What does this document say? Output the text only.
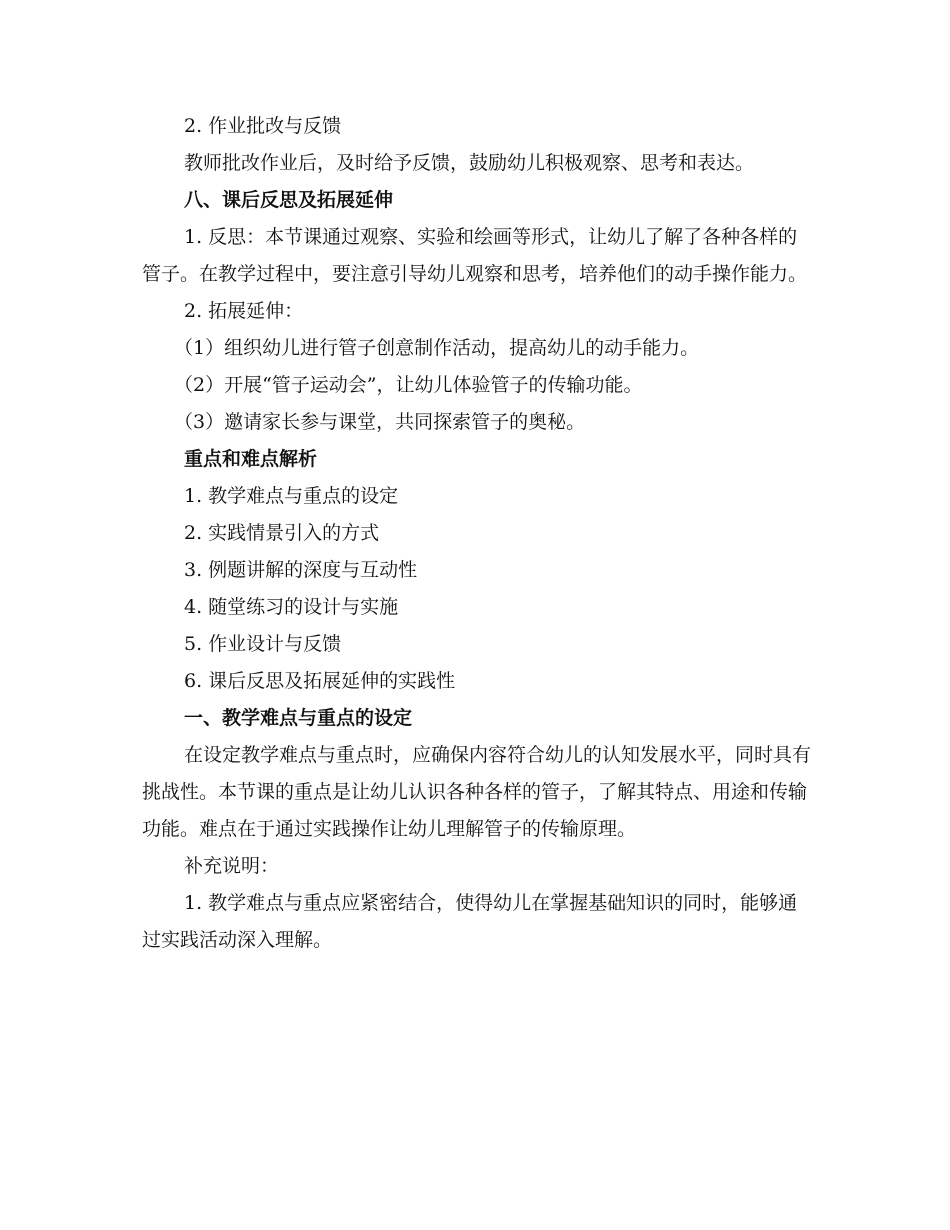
2. 作业批改与反馈

教师批改作业后，及时给予反馈，鼓励幼儿积极观察、思考和表达。

八、课后反思及拓展延伸

1. 反思：本节课通过观察、实验和绘画等形式，让幼儿了解了各种各样的管子。在教学过程中，要注意引导幼儿观察和思考，培养他们的动手操作能力。

2. 拓展延伸：

（1）组织幼儿进行管子创意制作活动，提高幼儿的动手能力。

（2）开展“管子运动会”，让幼儿体验管子的传输功能。

（3）邀请家长参与课堂，共同探索管子的奥秘。

重点和难点解析

1. 教学难点与重点的设定

2. 实践情景引入的方式

3. 例题讲解的深度与互动性

4. 随堂练习的设计与实施

5. 作业设计与反馈

6. 课后反思及拓展延伸的实践性

一、教学难点与重点的设定

在设定教学难点与重点时，应确保内容符合幼儿的认知发展水平，同时具有挑战性。本节课的重点是让幼儿认识各种各样的管子，了解其特点、用途和传输功能。难点在于通过实践操作让幼儿理解管子的传输原理。

补充说明：

1. 教学难点与重点应紧密结合，使得幼儿在掌握基础知识的同时，能够通过实践活动深入理解。
